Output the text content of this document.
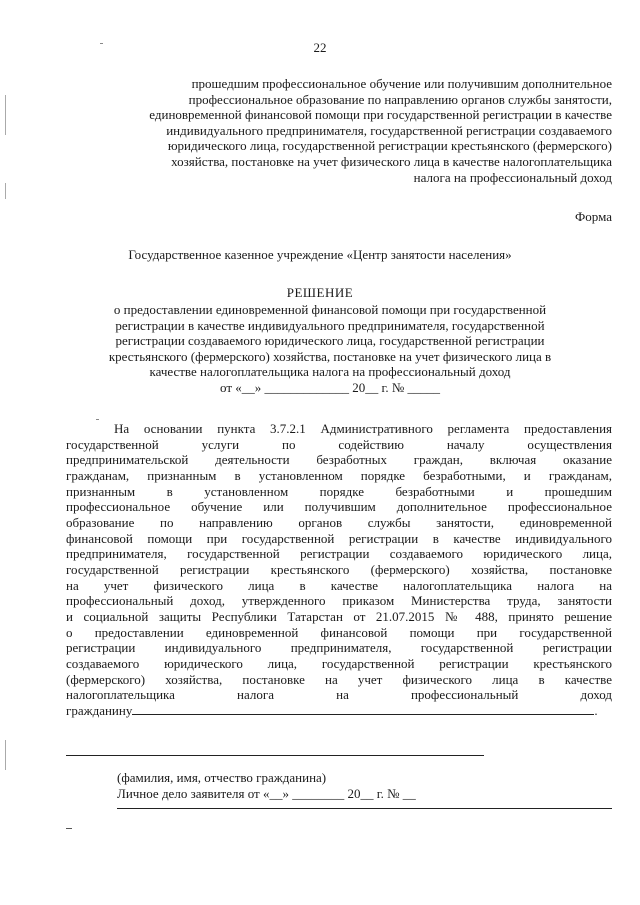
22
прошедшим профессиональное обучение или получившим дополнительное
профессиональное образование по направлению органов службы занятости,
единовременной финансовой помощи при государственной регистрации в качестве
индивидуального предпринимателя, государственной регистрации создаваемого
юридического лица, государственной регистрации крестьянского (фермерского)
хозяйства, постановке на учет физического лица в качестве налогоплательщика
налога на профессиональный доход
Форма
Государственное казенное учреждение «Центр занятости населения»
РЕШЕНИЕ
о предоставлении единовременной финансовой помощи при государственной
регистрации в качестве индивидуального предпринимателя, государственной
регистрации создаваемого юридического лица, государственной регистрации
крестьянского (фермерского) хозяйства, постановке на учет физического лица в
качестве налогоплательщика налога на профессиональный доход
от «__» _____________ 20__ г. № _____

На основании пункта 3.7.2.1 Административного регламента предоставления

государственной услуги по содействию началу осуществления

предпринимательской деятельности безработных граждан, включая оказание

гражданам, признанным в установленном порядке безработными, и гражданам,

признанным в установленном порядке безработными и прошедшим

профессиональное обучение или получившим дополнительное профессиональное

образование по направлению органов службы занятости, единовременной

финансовой помощи при государственной регистрации в качестве индивидуального

предпринимателя, государственной регистрации создаваемого юридического лица,

государственной регистрации крестьянского (фермерского) хозяйства, постановке

на учет физического лица в качестве налогоплательщика налога на

профессиональный доход, утвержденного приказом Министерства труда, занятости

и социальной защиты Республики Татарстан от 21.07.2015 № 488, принято решение

о предоставлении единовременной финансовой помощи при государственной

регистрации индивидуального предпринимателя, государственной регистрации

создаваемого юридического лица, государственной регистрации крестьянского

(фермерского) хозяйства, постановке на учет физического лица в качестве

налогоплательщика налога на профессиональный доход

гражданину	.

(фамилия, имя, отчество гражданина)
Личное дело заявителя от «__» ________ 20__ г. № __
